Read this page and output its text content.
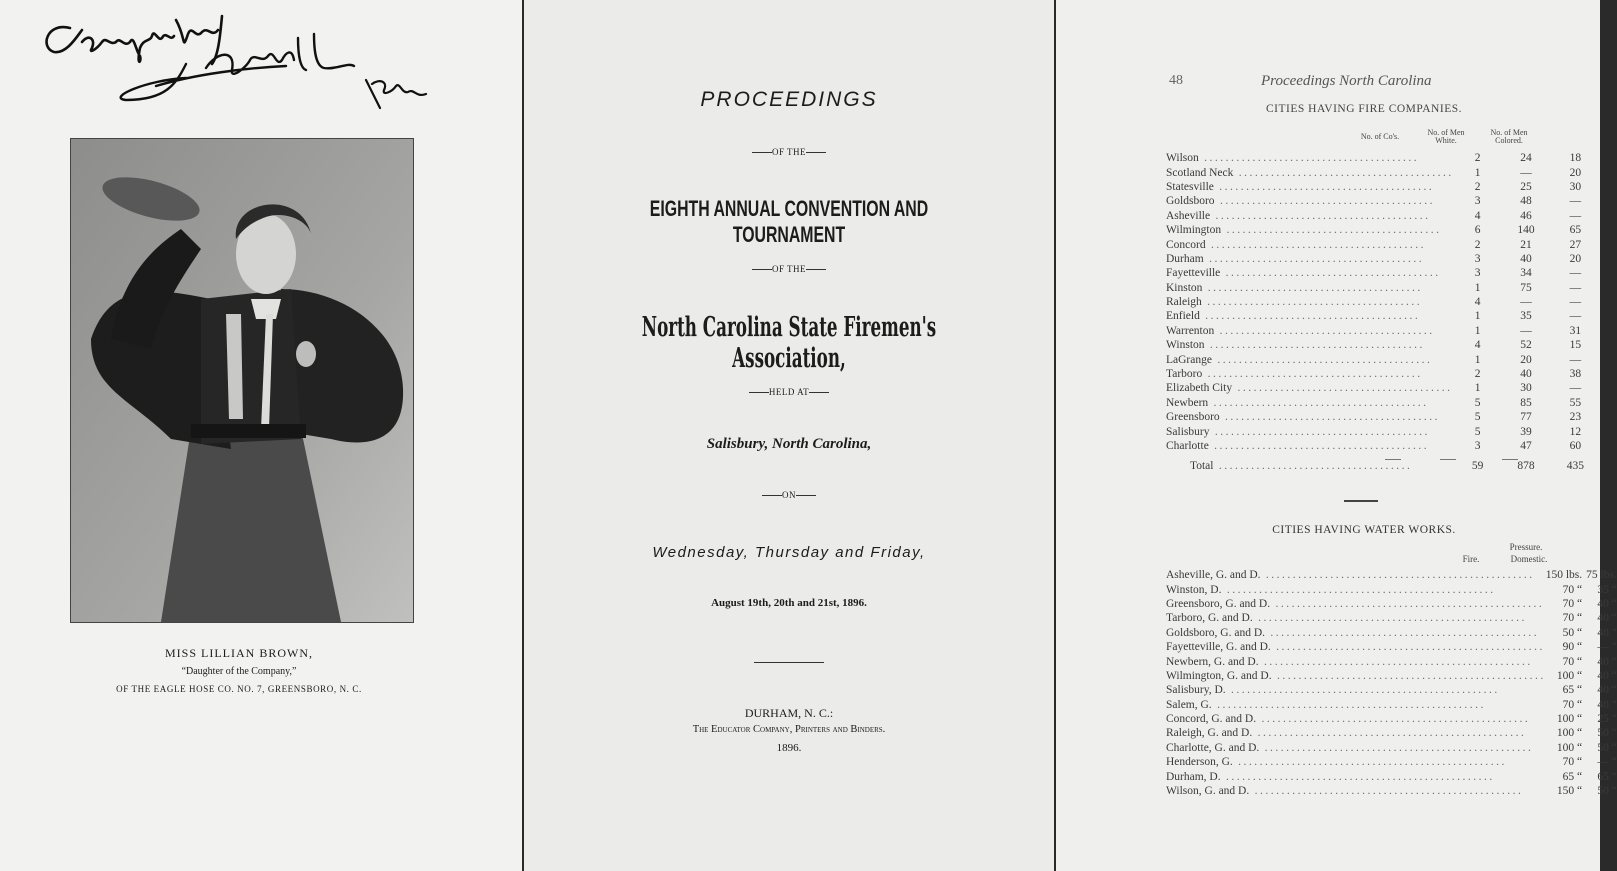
MISS LILLIAN BROWN,
“Daughter of the Company,”
OF THE EAGLE HOSE CO. NO. 7, GREENSBORO, N. C.
PROCEEDINGS
OF THE
EIGHTH ANNUAL CONVENTION AND TOURNAMENT
OF THE
North Carolina State Firemen's Association,
HELD AT
Salisbury, North Carolina,
ON
Wednesday, Thursday and Friday,
August 19th, 20th and 21st, 1896.
DURHAM, N. C.:
The Educator Company, Printers and Binders.
1896.
48	Proceedings North Carolina
CITIES HAVING FIRE COMPANIES.
No. of Co's.	No. of Men White.
No. of Men Colored.
Wilson ........................................	2	24	18
Scotland Neck ........................................	1	—	20
Statesville ........................................	2	25	30
Goldsboro ........................................	3	48	—
Asheville ........................................	4	46	—
Wilmington ........................................	6	140	65
Concord ........................................	2	21	27
Durham ........................................	3	40	20
Fayetteville ........................................	3	34	—
Kinston ........................................	1	75	—
Raleigh ........................................	4	—	—
Enfield ........................................	1	35	—
Warrenton ........................................	1	—	31
Winston ........................................	4	52	15
LaGrange ........................................	1	20	—
Tarboro ........................................	2	40	38
Elizabeth City ........................................	1	30	—
Newbern ........................................	5	85	55
Greensboro ........................................	5	77	23
Salisbury ........................................	5	39	12
Charlotte ........................................	3	47	60

Total ....................................	59	878	435
CITIES HAVING WATER WORKS.
Pressure.
Fire.	Domestic.
Asheville, G. and D. ..................................................	150 lbs.	75 lbs.
Winston, D. ..................................................	70 “	35 “
Greensboro, G. and D. ..................................................	70 “	40 “
Tarboro, G. and D. ..................................................	70 “	40 “
Goldsboro, G. and D. ..................................................	50 “	40 “
Fayetteville, G. and D. ..................................................	90 “	— “
Newbern, G. and D. ..................................................	70 “	40 “
Wilmington, G. and D. ..................................................	100 “	40 “
Salisbury, D. ..................................................	65 “	40 “
Salem, G. ..................................................	70 “	40 “
Concord, G. and D. ..................................................	100 “	25 “
Raleigh, G. and D. ..................................................	100 “	50 “
Charlotte, G. and D. ..................................................	100 “	50 “
Henderson, G. ..................................................	70 “	— “
Durham, D. ..................................................	65 “	65 “
Wilson, G. and D. ..................................................	150 “	50 “
